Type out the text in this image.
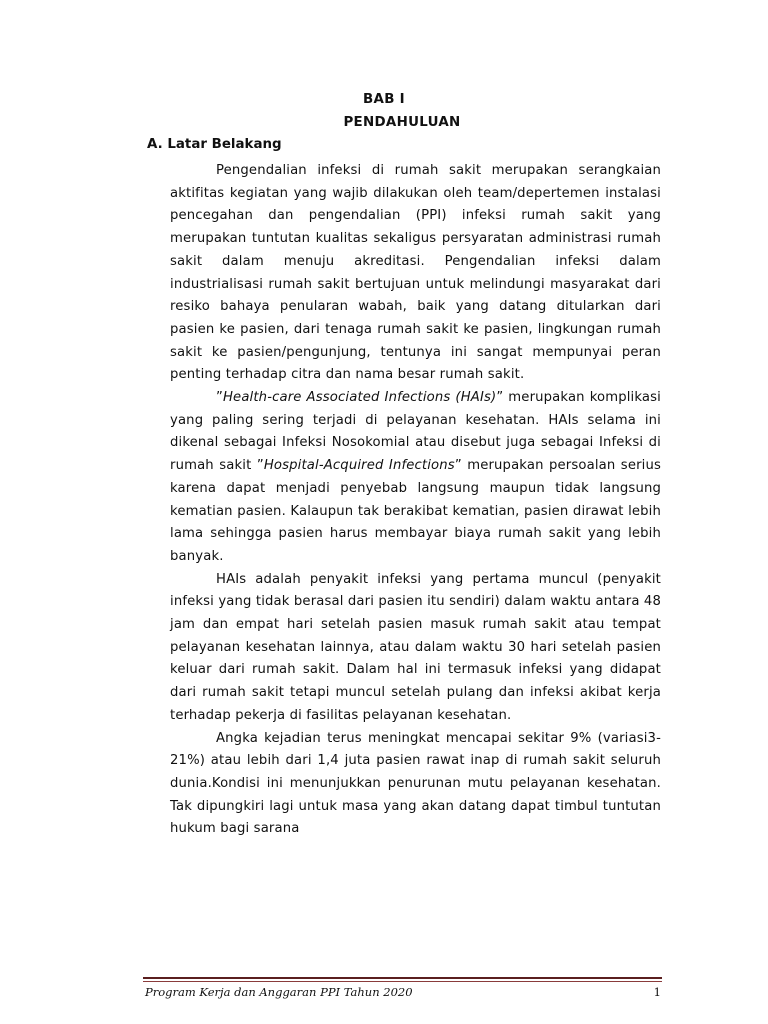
BAB I
PENDAHULUAN
A. Latar Belakang

Pengendalian infeksi di rumah sakit merupakan serangkaian aktifitas kegiatan yang wajib dilakukan oleh team/depertemen instalasi pencegahan dan pengendalian (PPI) infeksi rumah sakit yang merupakan tuntutan kualitas sekaligus persyaratan administrasi rumah sakit dalam menuju akreditasi. Pengendalian infeksi dalam industrialisasi rumah sakit bertujuan untuk melindungi masyarakat dari resiko bahaya penularan wabah, baik yang datang ditularkan dari pasien ke pasien, dari tenaga rumah sakit ke pasien, lingkungan rumah sakit ke pasien/pengunjung, tentunya ini sangat mempunyai peran penting terhadap citra dan nama besar rumah sakit.

”Health-care Associated Infections (HAIs)” merupakan komplikasi yang paling sering terjadi di pelayanan kesehatan. HAIs selama ini dikenal sebagai Infeksi Nosokomial atau disebut juga sebagai Infeksi di rumah sakit ”Hospital-Acquired Infections” merupakan persoalan serius karena dapat menjadi penyebab langsung maupun tidak langsung kematian pasien. Kalaupun tak berakibat kematian, pasien dirawat lebih lama sehingga pasien harus membayar biaya rumah sakit yang lebih banyak.

HAIs adalah penyakit infeksi yang pertama muncul (penyakit infeksi yang tidak berasal dari pasien itu sendiri) dalam waktu antara 48 jam dan empat hari setelah pasien masuk rumah sakit atau tempat pelayanan kesehatan lainnya, atau dalam waktu 30 hari setelah pasien keluar dari rumah sakit. Dalam hal ini termasuk infeksi yang didapat dari rumah sakit tetapi muncul setelah pulang dan infeksi akibat kerja terhadap pekerja di fasilitas pelayanan kesehatan.

Angka kejadian terus meningkat mencapai sekitar 9% (variasi3-21%) atau lebih dari 1,4 juta pasien rawat inap di rumah sakit seluruh dunia.Kondisi ini menunjukkan penurunan mutu pelayanan kesehatan. Tak dipungkiri lagi untuk masa yang akan datang dapat timbul tuntutan hukum bagi sarana

Program Kerja dan Anggaran PPI Tahun 2020	1
